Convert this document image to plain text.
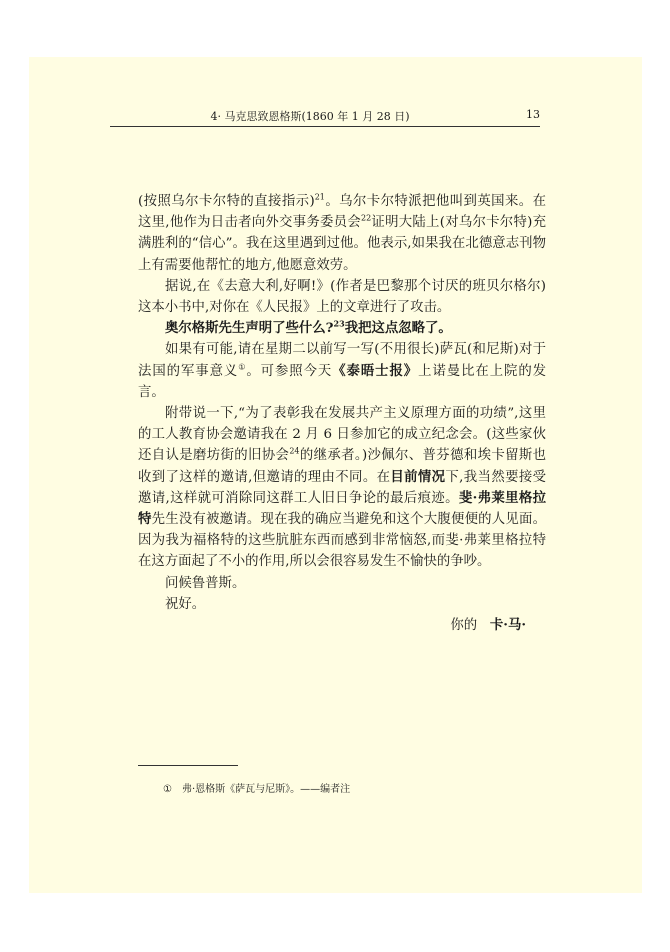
4· 马克思致恩格斯(1860 年 1 月 28 日)	13

(按照乌尔卡尔特的直接指示)$^{21}$。乌尔卡尔特派把他叫到英国来。在这里,他作为日击者向外交事务委员会$^{22}$证明大陆上(对乌尔卡尔特)充满胜利的“信心”。我在这里遇到过他。他表示,如果我在北德意志刊物上有需要他帮忙的地方,他愿意效劳。

据说,在《去意大利,好啊!》(作者是巴黎那个讨厌的班贝尔格尔)这本小书中,对你在《人民报》上的文章进行了攻击。

奥尔格斯先生声明了些什么?$^{23}$我把这点忽略了。

如果有可能,请在星期二以前写一写(不用很长)萨瓦(和尼斯)对于法国的军事意义①。可参照今天《泰晤士报》上诺曼比在上院的发言。

附带说一下,“为了表彰我在发展共产主义原理方面的功绩”,这里的工人教育协会邀请我在 2 月 6 日参加它的成立纪念会。(这些家伙还自认是磨坊街的旧协会$^{24}$的继承者。)沙佩尔、普芬德和埃卡留斯也收到了这样的邀请,但邀请的理由不同。在目前情况下,我当然要接受邀请,这样就可消除同这群工人旧日争论的最后痕迹。斐·弗莱里格拉特先生没有被邀请。现在我的确应当避免和这个大腹便便的人见面。因为我为福格特的这些肮脏东西而感到非常恼怒,而斐·弗莱里格拉特在这方面起了不小的作用,所以会很容易发生不愉快的争吵。

问候鲁普斯。

祝好。

你的 卡·马·

① 弗·恩格斯《萨瓦与尼斯》。——编者注
